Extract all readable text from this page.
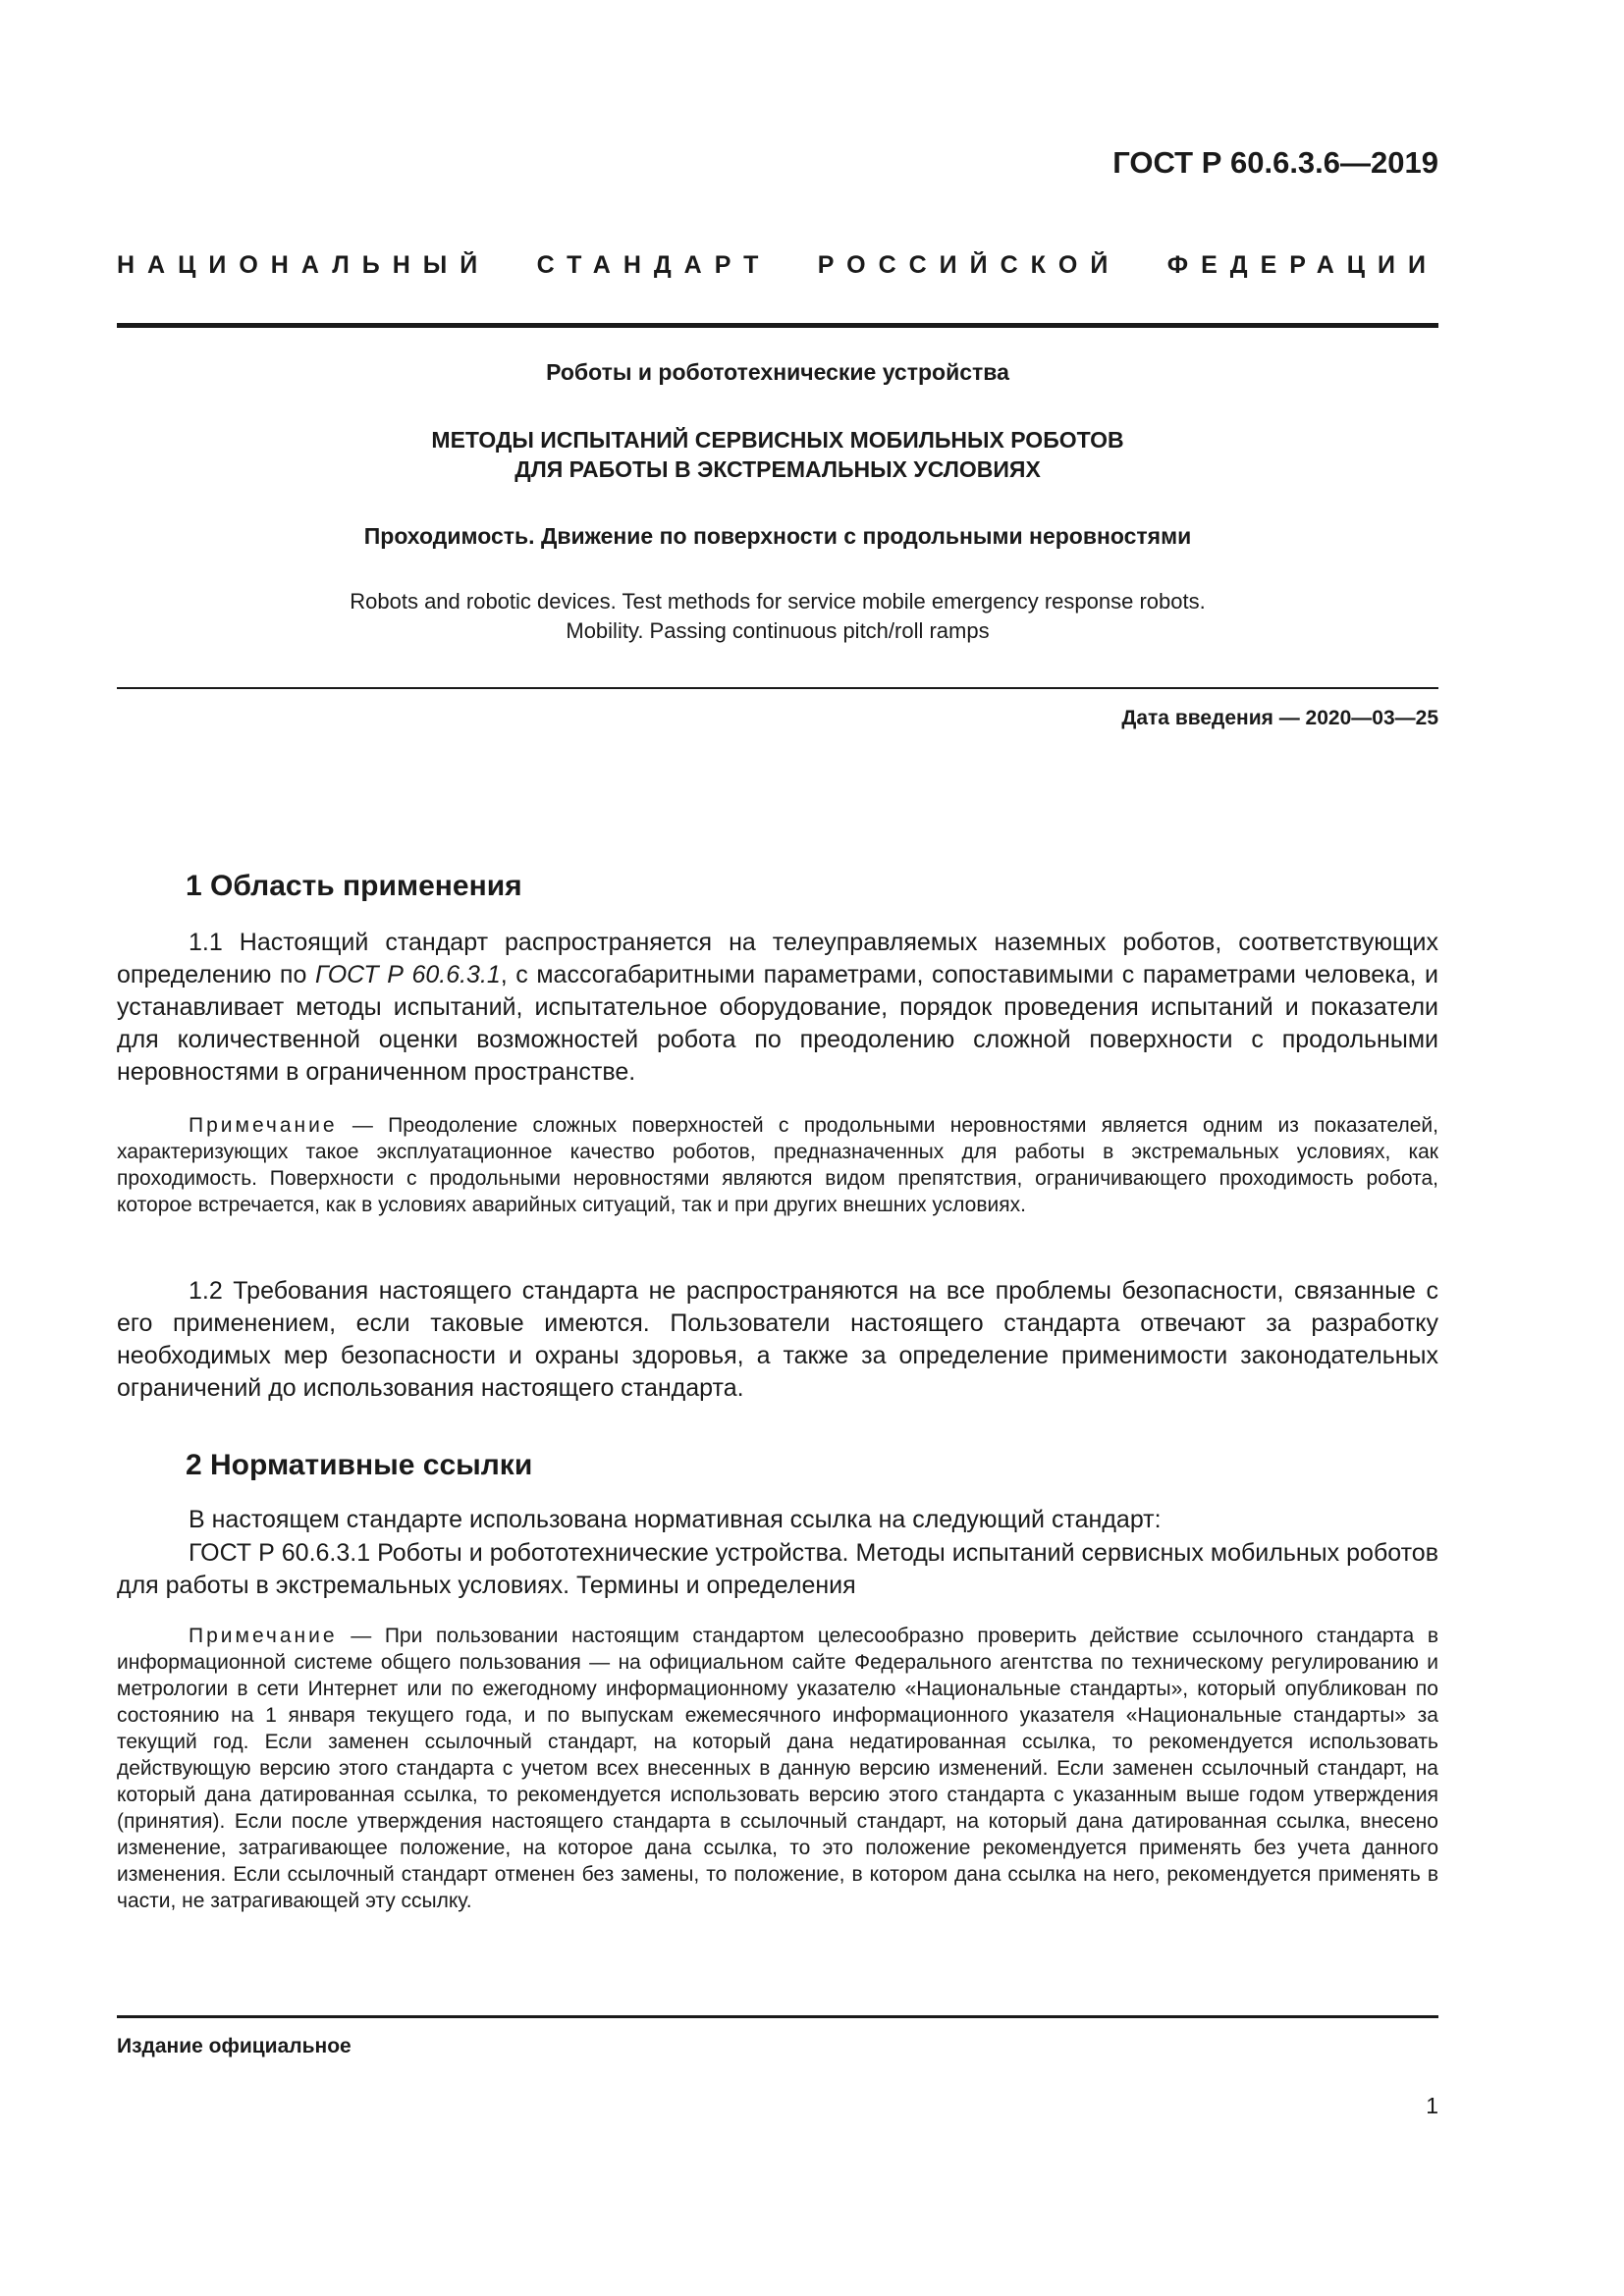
ГОСТ Р 60.6.3.6—2019

НАЦИОНАЛЬНЫЙ СТАНДАРТ РОССИЙСКОЙ ФЕДЕРАЦИИ

Роботы и робототехнические устройства

МЕТОДЫ ИСПЫТАНИЙ СЕРВИСНЫХ МОБИЛЬНЫХ РОБОТОВ
ДЛЯ РАБОТЫ В ЭКСТРЕМАЛЬНЫХ УСЛОВИЯХ

Проходимость. Движение по поверхности с продольными неровностями

Robots and robotic devices. Test methods for service mobile emergency response robots.
Mobility. Passing continuous pitch/roll ramps

Дата введения — 2020—03—25

1 Область применения

1.1 Настоящий стандарт распространяется на телеуправляемых наземных роботов, соответствующих определению по ГОСТ Р 60.6.3.1, с массогабаритными параметрами, сопоставимыми с параметрами человека, и устанавливает методы испытаний, испытательное оборудование, порядок проведения испытаний и показатели для количественной оценки возможностей робота по преодолению сложной поверхности с продольными неровностями в ограниченном пространстве.

Примечание — Преодоление сложных поверхностей с продольными неровностями является одним из показателей, характеризующих такое эксплуатационное качество роботов, предназначенных для работы в экстремальных условиях, как проходимость. Поверхности с продольными неровностями являются видом препятствия, ограничивающего проходимость робота, которое встречается, как в условиях аварийных ситуаций, так и при других внешних условиях.

1.2 Требования настоящего стандарта не распространяются на все проблемы безопасности, связанные с его применением, если таковые имеются. Пользователи настоящего стандарта отвечают за разработку необходимых мер безопасности и охраны здоровья, а также за определение применимости законодательных ограничений до использования настоящего стандарта.

2 Нормативные ссылки

В настоящем стандарте использована нормативная ссылка на следующий стандарт:

ГОСТ Р 60.6.3.1 Роботы и робототехнические устройства. Методы испытаний сервисных мобильных роботов для работы в экстремальных условиях. Термины и определения

Примечание — При пользовании настоящим стандартом целесообразно проверить действие ссылочного стандарта в информационной системе общего пользования — на официальном сайте Федерального агентства по техническому регулированию и метрологии в сети Интернет или по ежегодному информационному указателю «Национальные стандарты», который опубликован по состоянию на 1 января текущего года, и по выпускам ежемесячного информационного указателя «Национальные стандарты» за текущий год. Если заменен ссылочный стандарт, на который дана недатированная ссылка, то рекомендуется использовать действующую версию этого стандарта с учетом всех внесенных в данную версию изменений. Если заменен ссылочный стандарт, на который дана датированная ссылка, то рекомендуется использовать версию этого стандарта с указанным выше годом утверждения (принятия). Если после утверждения настоящего стандарта в ссылочный стандарт, на который дана датированная ссылка, внесено изменение, затрагивающее положение, на которое дана ссылка, то это положение рекомендуется применять без учета данного изменения. Если ссылочный стандарт отменен без замены, то положение, в котором дана ссылка на него, рекомендуется применять в части, не затрагивающей эту ссылку.

Издание официальное

1
